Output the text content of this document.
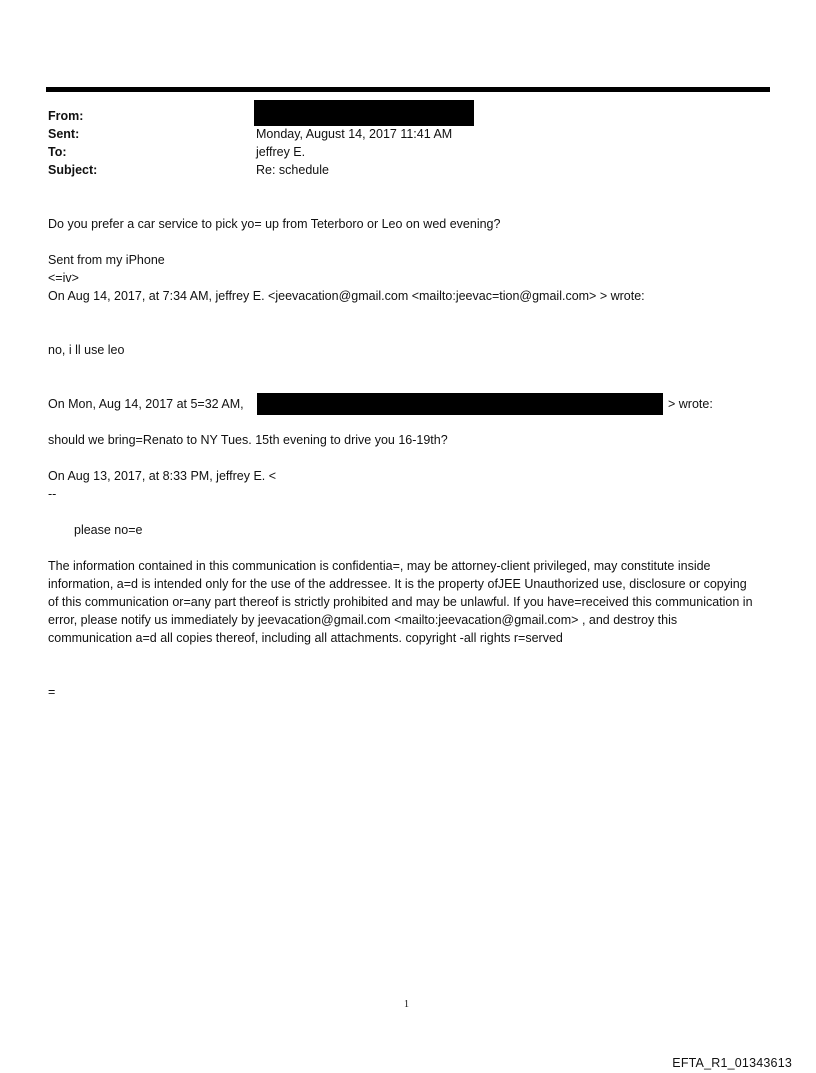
From:
Sent:	Monday, August 14, 2017 11:41 AM
To:	jeffrey E.
Subject:	Re: schedule
Do you prefer a car service to pick yo= up from Teterboro or Leo on wed evening?
Sent from my iPhone
<=iv>
On Aug 14, 2017, at 7:34 AM, jeffrey E. <jeevacation@gmail.com <mailto:jeevac=tion@gmail.com> > wrote:
no, i ll use leo
On Mon, Aug 14, 2017 at 5=32 AM,	> wrote:
should we bring=Renato to NY Tues. 15th evening to drive you 16-19th?
On Aug 13, 2017, at 8:33 PM, jeffrey E. <
--
please no=e
The information contained in this communication is confidentia=, may be attorney-client privileged, may constitute inside information, a=d is intended only for the use of the addressee. It is the property ofJEE Unauthorized use, disclosure or copying of this communication or=any part thereof is strictly prohibited and may be unlawful. If you have=received this communication in error, please notify us immediately by jeevacation@gmail.com <mailto:jeevacation@gmail.com> , and destroy this communication a=d all copies thereof, including all attachments. copyright -all rights r=served
=
1
EFTA_R1_01343613
